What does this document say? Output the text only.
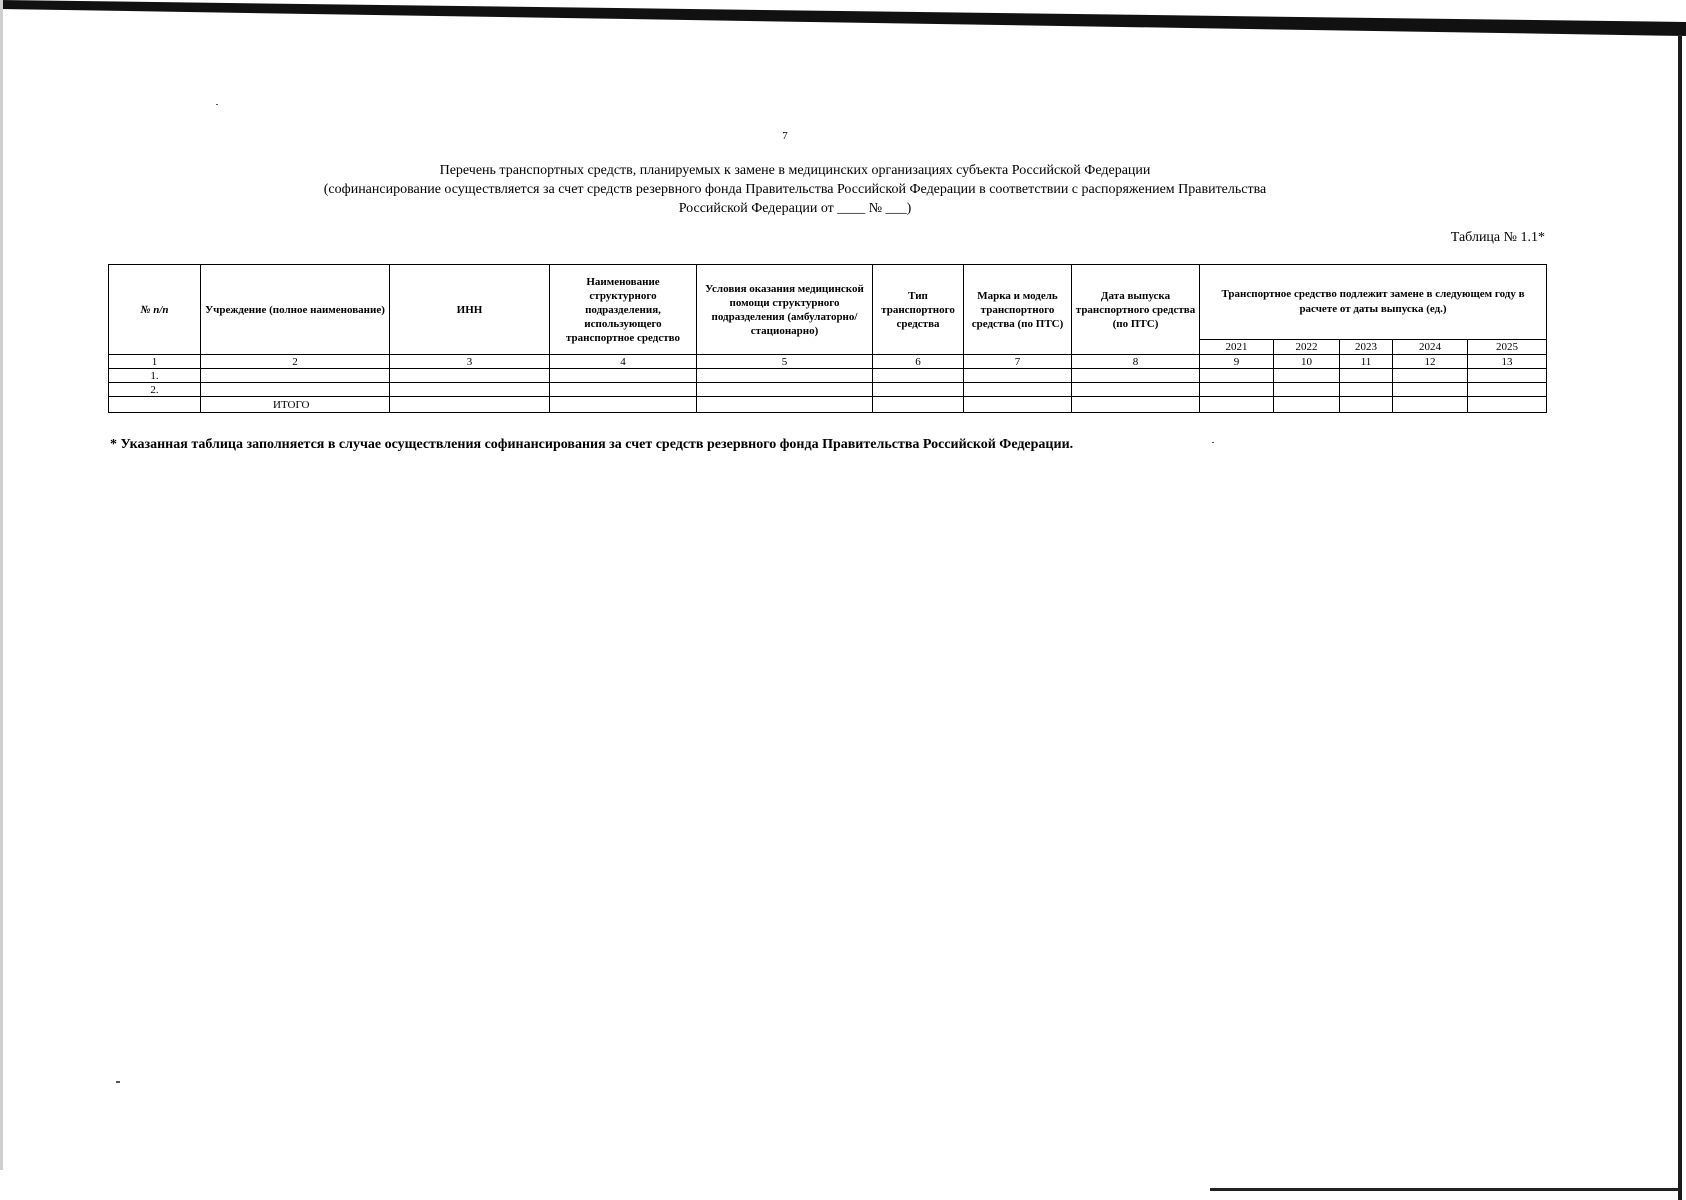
7
Перечень транспортных средств, планируемых к замене в медицинских организациях субъекта Российской Федерации
(софинансирование осуществляется за счет средств резервного фонда Правительства Российской Федерации в соответствии с распоряжением Правительства
Российской Федерации от ____ № ___)
Таблица № 1.1*
№ п/п	Учреждение (полное наименование)	ИНН	Наименование структурного подразделения, использующего транспортное средство	Условия оказания медицинской помощи структурного подразделения (амбулаторно/стационарно)	Тип транспортного средства	Марка и модель транспортного средства (по ПТС)	Дата выпуска транспортного средства (по ПТС)	Транспортное средство подлежит замене в следующем году в расчете от даты выпуска (ед.)				
								2021	2022	2023	2024	2025
1	2	3	4	5	6	7	8	9	10	11	12	13
1.												
2.												
	ИТОГО											
* Указанная таблица заполняется в случае осуществления софинансирования за счет средств резервного фонда Правительства Российской Федерации.
